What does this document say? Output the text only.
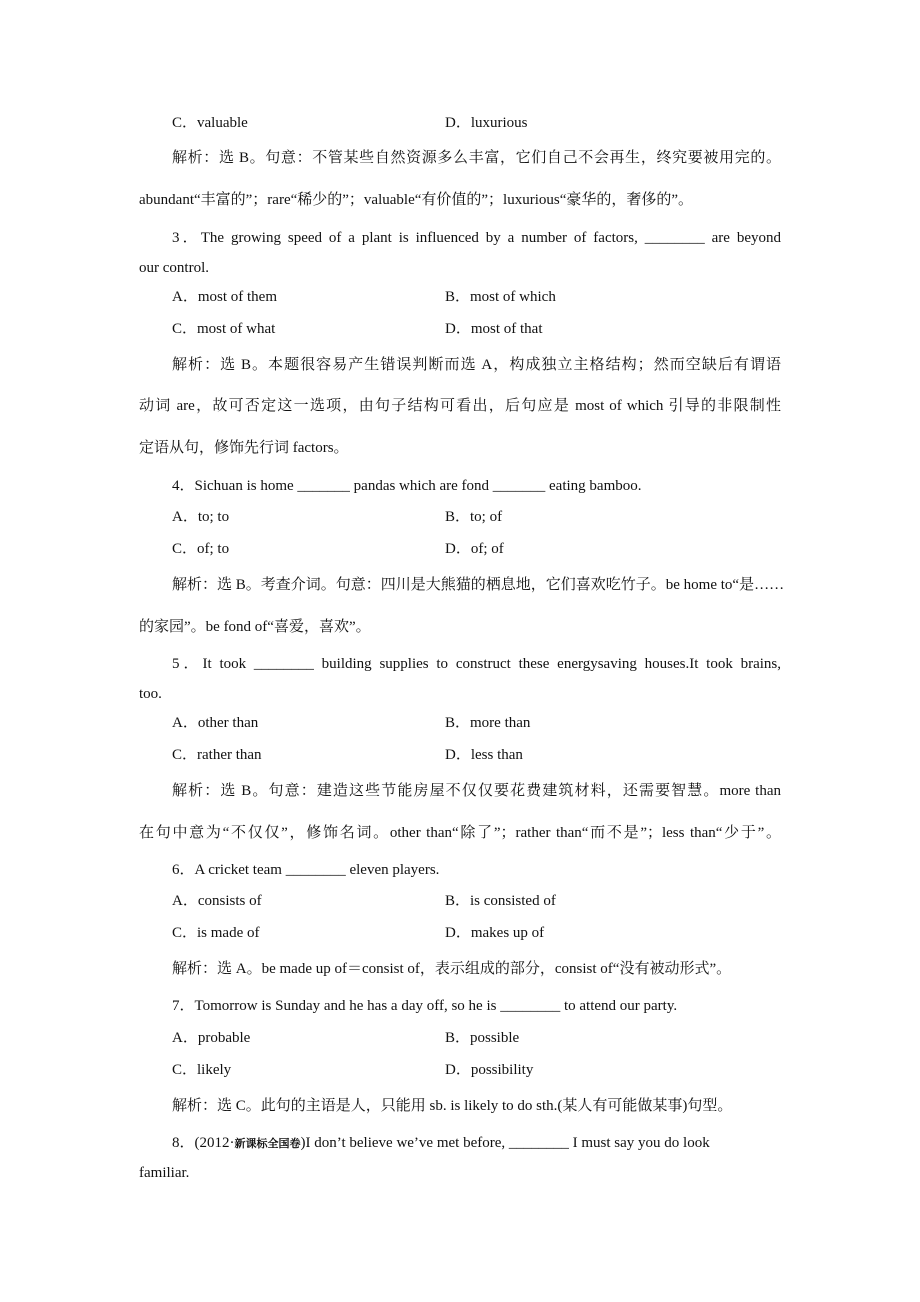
C．valuable	D．luxurious
解析：选 B。句意：不管某些自然资源多么丰富，它们自己不会再生，终究要被用完的。
abundant“丰富的”；rare“稀少的”；valuable“有价值的”；luxurious“豪华的，奢侈的”。
3．The growing speed of a plant is influenced by a number of factors, ________ are beyond
our control.
A．most of them	B．most of which
C．most of what	D．most of that
解析：选 B。本题很容易产生错误判断而选 A，构成独立主格结构；然而空缺后有谓语
动词 are，故可否定这一选项，由句子结构可看出，后句应是 most of which 引导的非限制性
定语从句，修饰先行词 factors。
4．Sichuan is home _______ pandas which are fond _______ eating bamboo.
A．to; to	B．to; of
C．of; to	D．of; of
解析：选 B。考查介词。句意：四川是大熊猫的栖息地，它们喜欢吃竹子。be home to“是……
的家园”。be fond of“喜爱，喜欢”。
5．It took ________ building supplies to construct these energysaving houses.It took brains,
too.
A．other than	B．more than
C．rather than	D．less than
解析：选 B。句意：建造这些节能房屋不仅仅要花费建筑材料，还需要智慧。more than
在句中意为“不仅仅”，修饰名词。other than“除了”；rather than“而不是”；less than“少于”。
6．A cricket team ________ eleven players.
A．consists of	B．is consisted of
C．is made of	D．makes up of
解析：选 A。be made up of＝consist of，表示组成的部分，consist of“没有被动形式”。
7．Tomorrow is Sunday and he has a day off, so he is ________ to attend our party.
A．probable	B．possible
C．likely	D．possibility
解析：选 C。此句的主语是人，只能用 sb. is likely to do sth.(某人有可能做某事)句型。
8．(2012·新课标全国卷)I don’t believe we’ve met before, ________ I must say you do look
familiar.
